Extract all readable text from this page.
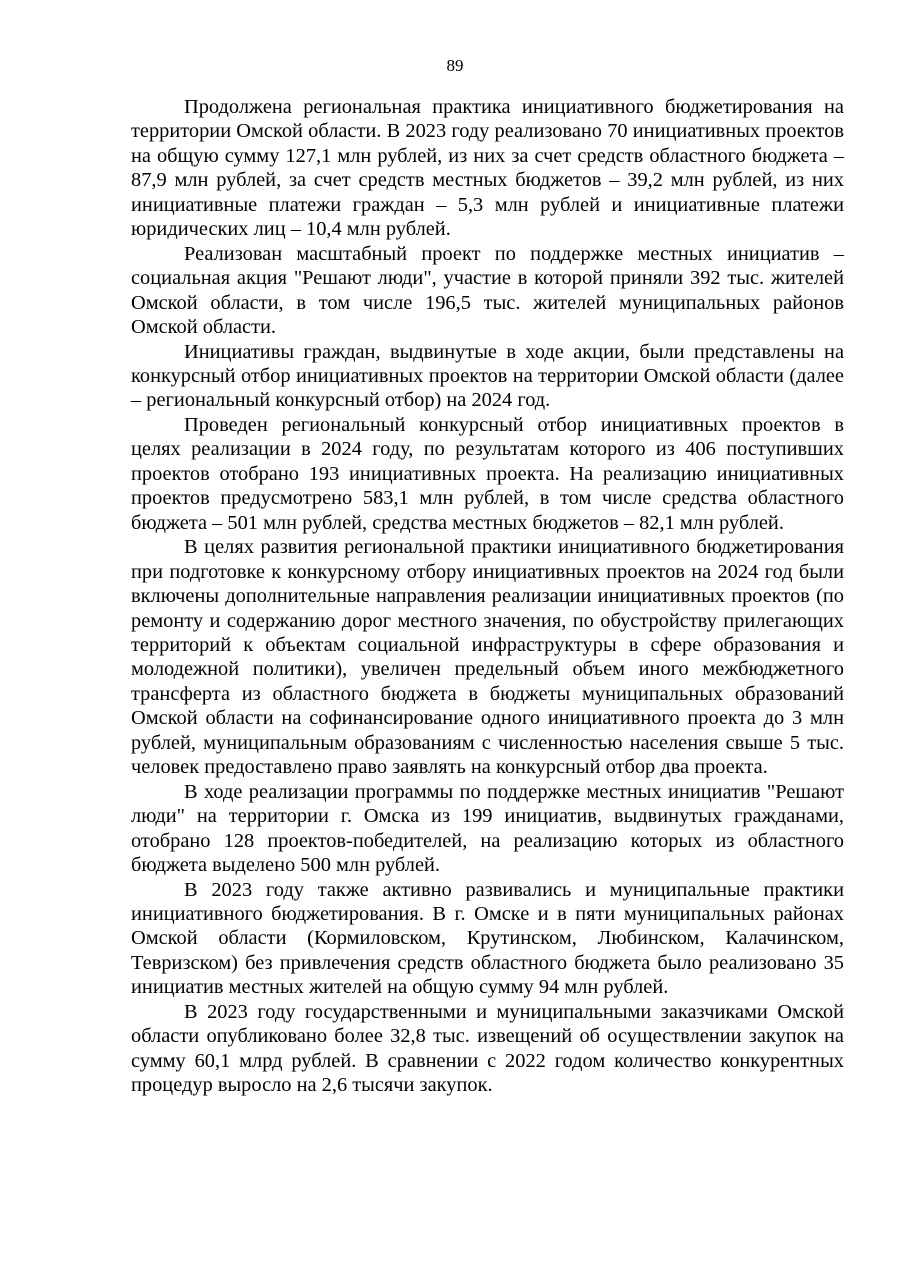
89

Продолжена региональная практика инициативного бюджетирования на территории Омской области. В 2023 году реализовано 70 инициативных проектов на общую сумму 127,1 млн рублей, из них за счет средств областного бюджета – 87,9 млн рублей, за счет средств местных бюджетов – 39,2 млн рублей, из них инициативные платежи граждан – 5,3 млн рублей и инициативные платежи юридических лиц – 10,4 млн рублей.

Реализован масштабный проект по поддержке местных инициатив – социальная акция "Решают люди", участие в которой приняли 392 тыс. жителей Омской области, в том числе 196,5 тыс. жителей муниципальных районов Омской области.

Инициативы граждан, выдвинутые в ходе акции, были представлены на конкурсный отбор инициативных проектов на территории Омской области (далее – региональный конкурсный отбор) на 2024 год.

Проведен региональный конкурсный отбор инициативных проектов в целях реализации в 2024 году, по результатам которого из 406 поступивших проектов отобрано 193 инициативных проекта. На реализацию инициативных проектов предусмотрено 583,1 млн рублей, в том числе средства областного бюджета – 501 млн рублей, средства местных бюджетов – 82,1 млн рублей.

В целях развития региональной практики инициативного бюджетирования при подготовке к конкурсному отбору инициативных проектов на 2024 год были включены дополнительные направления реализации инициативных проектов (по ремонту и содержанию дорог местного значения, по обустройству прилегающих территорий к объектам социальной инфраструктуры в сфере образования и молодежной политики), увеличен предельный объем иного межбюджетного трансферта из областного бюджета в бюджеты муниципальных образований Омской области на софинансирование одного инициативного проекта до 3 млн рублей, муниципальным образованиям с численностью населения свыше 5 тыс. человек предоставлено право заявлять на конкурсный отбор два проекта.

В ходе реализации программы по поддержке местных инициатив "Решают люди" на территории г. Омска из 199 инициатив, выдвинутых гражданами, отобрано 128 проектов-победителей, на реализацию которых из областного бюджета выделено 500 млн рублей.

В 2023 году также активно развивались и муниципальные практики инициативного бюджетирования. В г. Омске и в пяти муниципальных районах Омской области (Кормиловском, Крутинском, Любинском, Калачинском, Тевризском) без привлечения средств областного бюджета было реализовано 35 инициатив местных жителей на общую сумму 94 млн рублей.

В 2023 году государственными и муниципальными заказчиками Омской области опубликовано более 32,8 тыс. извещений об осуществлении закупок на сумму 60,1 млрд рублей. В сравнении с 2022 годом количество конкурентных процедур выросло на 2,6 тысячи закупок.
